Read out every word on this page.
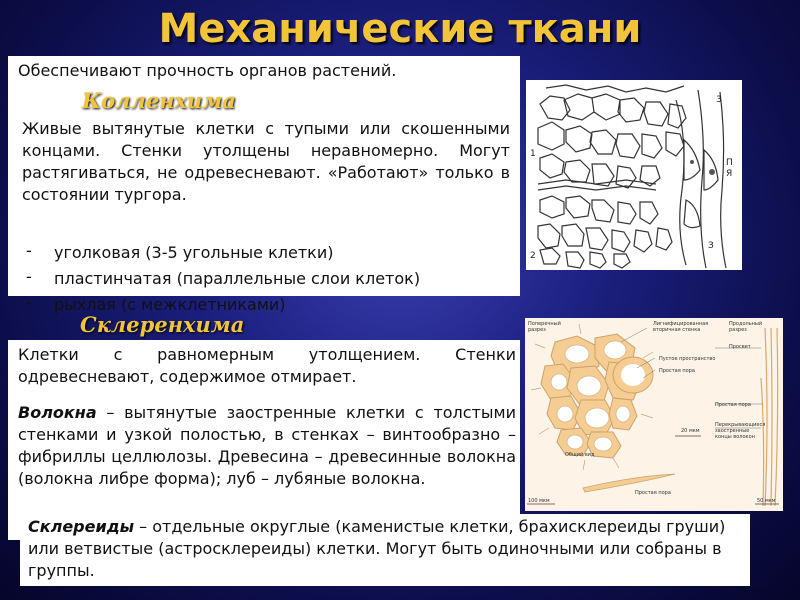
Механические ткани
Обеспечивают прочность органов растений.
Живые вытянутые клетки с тупыми или скошенными концами. Стенки утолщены неравномерно. Могут растягиваться, не одревесневают. «Работают» только в состоянии тургора.
- уголковая (3-5 угольные клетки)
- пластинчатая (параллельные слои клеток)
- рыхлая (с межклетниками)
Колленхима
1
2
3
П
Я
З
Клетки с равномерным утолщением. Стенки одревесневают, содержимое отмирает.
Волокна – вытянутые заостренные клетки с толстыми стенками и узкой полостью, в стенках – винтообразно – фибриллы целлюлозы. Древесина – древесинные волокна (волокна либре форма); луб – лубяные волокна.
Склеренхима
Склереиды – отдельные округлые (каменистые клетки, брахисклереиды груши) или ветвистые (астросклереиды) клетки. Могут быть одиночными или собраны в группы.
Поперечный разрез
Лигнифицированная вторичная стенка
Продольный разрез
Просвет
Пустое пространство
Простая пора
Простая пора
Перекрывающиеся заостренные концы волокон
20 мкм
Общий вид
Простая пора
100 мкм	50 мкм
